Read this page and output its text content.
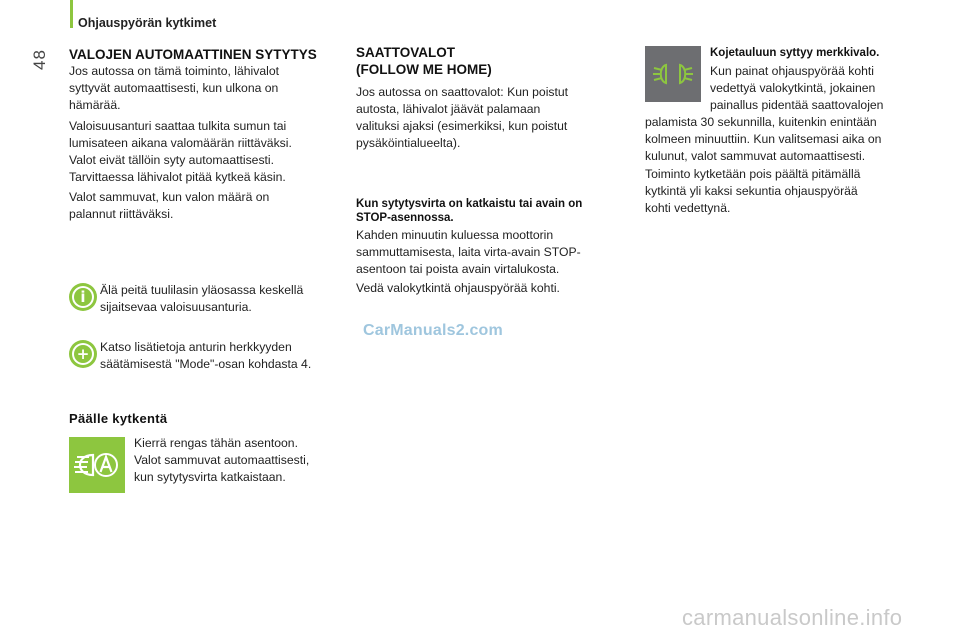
Ohjauspyörän kytkimet
48 VALOJEN AUTOMAATTINEN SYTYTYS
Jos autossa on tämä toiminto, lähivalot
syttyvät automaattisesti, kun ulkona on
hämärää.
Valoisuusanturi saattaa tulkita sumun tai
lumisateen aikana valomäärän riittäväksi.
Valot eivät tällöin syty automaattisesti.
Tarvittaessa lähivalot pitää kytkeä käsin.
Valot sammuvat, kun valon määrä on
palannut riittäväksi.
i	Älä peitä tuulilasin yläosassa keskellä
sijaitsevaa valoisuusanturia.
+ Katso lisätietoja anturin herkkyyden
säätämisestä "Mode"-osan kohdasta 4.
Päälle kytkentä
Kierrä rengas tähän asentoon.
Valot sammuvat automaattisesti,
kun sytytysvirta katkaistaan.
SAATTOVALOT
(FOLLOW ME HOME)
Jos autossa on saattovalot: Kun poistut
autosta, lähivalot jäävät palamaan
valituksi ajaksi (esimerkiksi, kun poistut
pysäköintialueelta).
Kun sytytysvirta on katkaistu tai avain on
STOP-asennossa.
Kahden minuutin kuluessa moottorin
sammuttamisesta, laita virta-avain STOP-
asentoon tai poista avain virtalukosta.
Vedä valokytkintä ohjauspyörää kohti.
Kojetauluun syttyy merkkivalo.
Kun painat ohjauspyörää kohti
vedettyä valokytkintä, jokainen
painallus pidentää saattovalojen
palamista 30 sekunnilla, kuitenkin enintään
kolmeen minuuttiin. Kun valitsemasi aika on
kulunut, valot sammuvat automaattisesti.
Toiminto kytketään pois päältä pitämällä
kytkintä yli kaksi sekuntia ohjauspyörää
kohti vedettynä.
CarManuals2.com
carmanualsonline.info
